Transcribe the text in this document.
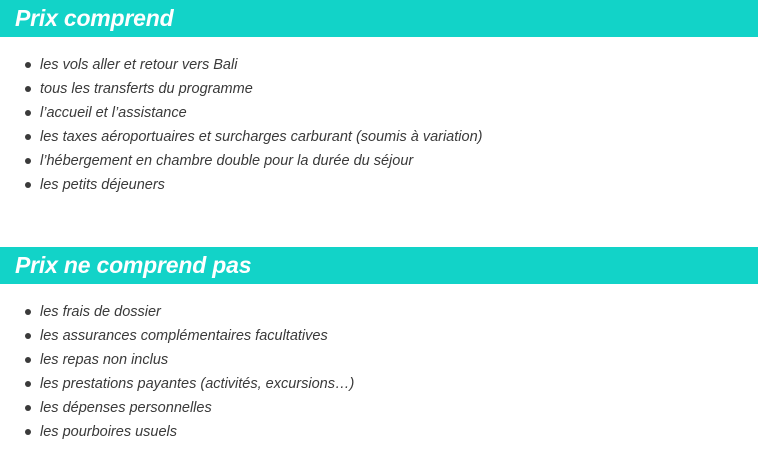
Prix comprend
les vols aller et retour vers Bali
tous les transferts du programme
l’accueil et l’assistance
les taxes aéroportuaires et surcharges carburant (soumis à variation)
l’hébergement en chambre double pour la durée du séjour
les petits déjeuners
Prix ne comprend pas
les frais de dossier
les assurances complémentaires facultatives
les repas non inclus
les prestations payantes (activités, excursions…)
les dépenses personnelles
les pourboires usuels
